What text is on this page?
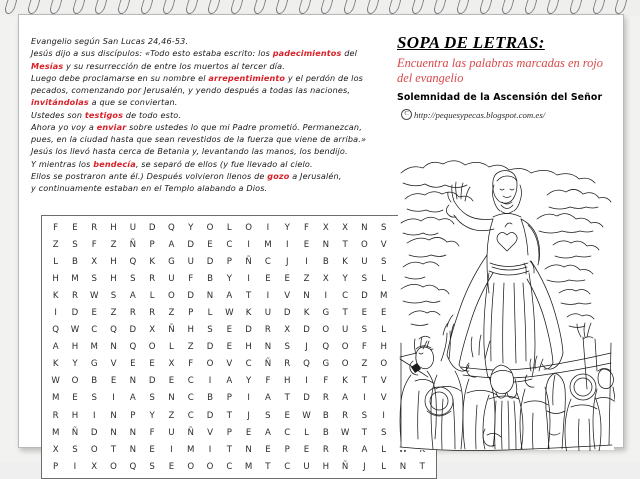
Evangelio según San Lucas 24,46-53.

Jesús dijo a sus discípulos: «Todo esto estaba escrito: los padecimientos del

Mesías y su resurrección de entre los muertos al tercer día.

Luego debe proclamarse en su nombre el arrepentimiento y el perdón de los

pecados, comenzando por Jerusalén, y yendo después a todas las naciones,

invitándolas a que se conviertan.

Ustedes son testigos de todo esto.

Ahora yo voy a enviar sobre ustedes lo que mi Padre prometió. Permanezcan,

pues, en la ciudad hasta que sean revestidos de la fuerza que viene de arriba.»

Jesús los llevó hasta cerca de Betania y, levantando las manos, los bendijo.

Y mientras los bendecía, se separó de ellos (y fue llevado al cielo.

Ellos se postraron ante él.) Después volvieron llenos de gozo a Jerusalén,

y continuamente estaban en el Templo alabando a Dios.

F	E	R	H	U	D	Q	Y	O	L	O	I	Y	F	X	X	N	S		
Z	S	F	Z	Ñ	P	A	D	E	C	I	M	I	E	N	T	O	V		
L	B	X	H	Q	K	G	U	D	P	Ñ	C	J	I	B	K	U	S		
H	M	S	H	S	R	U	F	B	Y	I	E	E	Z	X	Y	S	L		
K	R	W	S	A	L	O	D	N	A	T	I	V	N	I	C	D	M		
I	D	E	Z	R	R	Z	P	L	W	K	U	D	K	G	T	E	E		
Q	W	C	Q	D	X	Ñ	H	S	E	D	R	X	D	O	U	S	L		
A	H	M	N	Q	O	L	Z	D	E	H	N	S	J	Q	O	F	H		
K	Y	G	V	E	E	X	F	O	V	C	Ñ	R	Q	G	O	Z	O		
W	O	B	E	N	D	E	C	I	A	Y	F	H	I	F	K	T	V		
M	E	S	I	A	S	N	C	B	P	I	A	T	D	R	A	I	V		
R	H	I	N	P	Y	Z	C	D	T	J	S	E	W	B	R	S	I		
M	Ñ	D	N	N	F	U	Ñ	V	P	E	A	C	L	B	W	T	S		
X	S	O	T	N	E	I	M	I	T	N	E	P	E	R	R	A	L		
P	I	X	O	Q	S	E	O	O	C	M	T	C	U	H	Ñ	J	L	N	T

SOPA DE LETRAS:

Encuentra las palabras marcadas en rojo del evangelio

Solemnidad de la Ascensión del Señor

C http://pequesypecas.blogspot.com.es/
